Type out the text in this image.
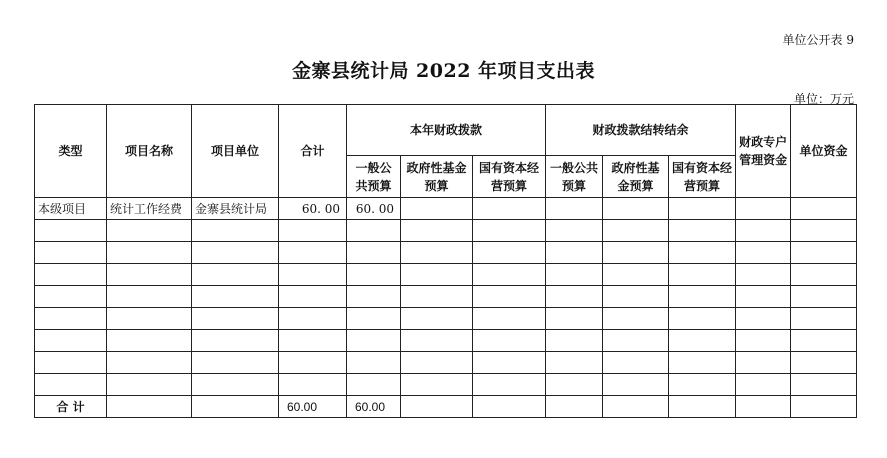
单位公开表 9
金寨县统计局 2022 年项目支出表
单位：万元
类型	项目名称	项目单位	合计	本年财政拨款			财政拨款结转结余			财政专户管理资金	单位资金
				一般公共预算	政府性基金预算	国有资本经营预算	一般公共预算	政府性基金预算	国有资本经营预算		
本级项目	统计工作经费	金寨县统计局	60. 00	60. 00							

合 计			60.00	60.00							
